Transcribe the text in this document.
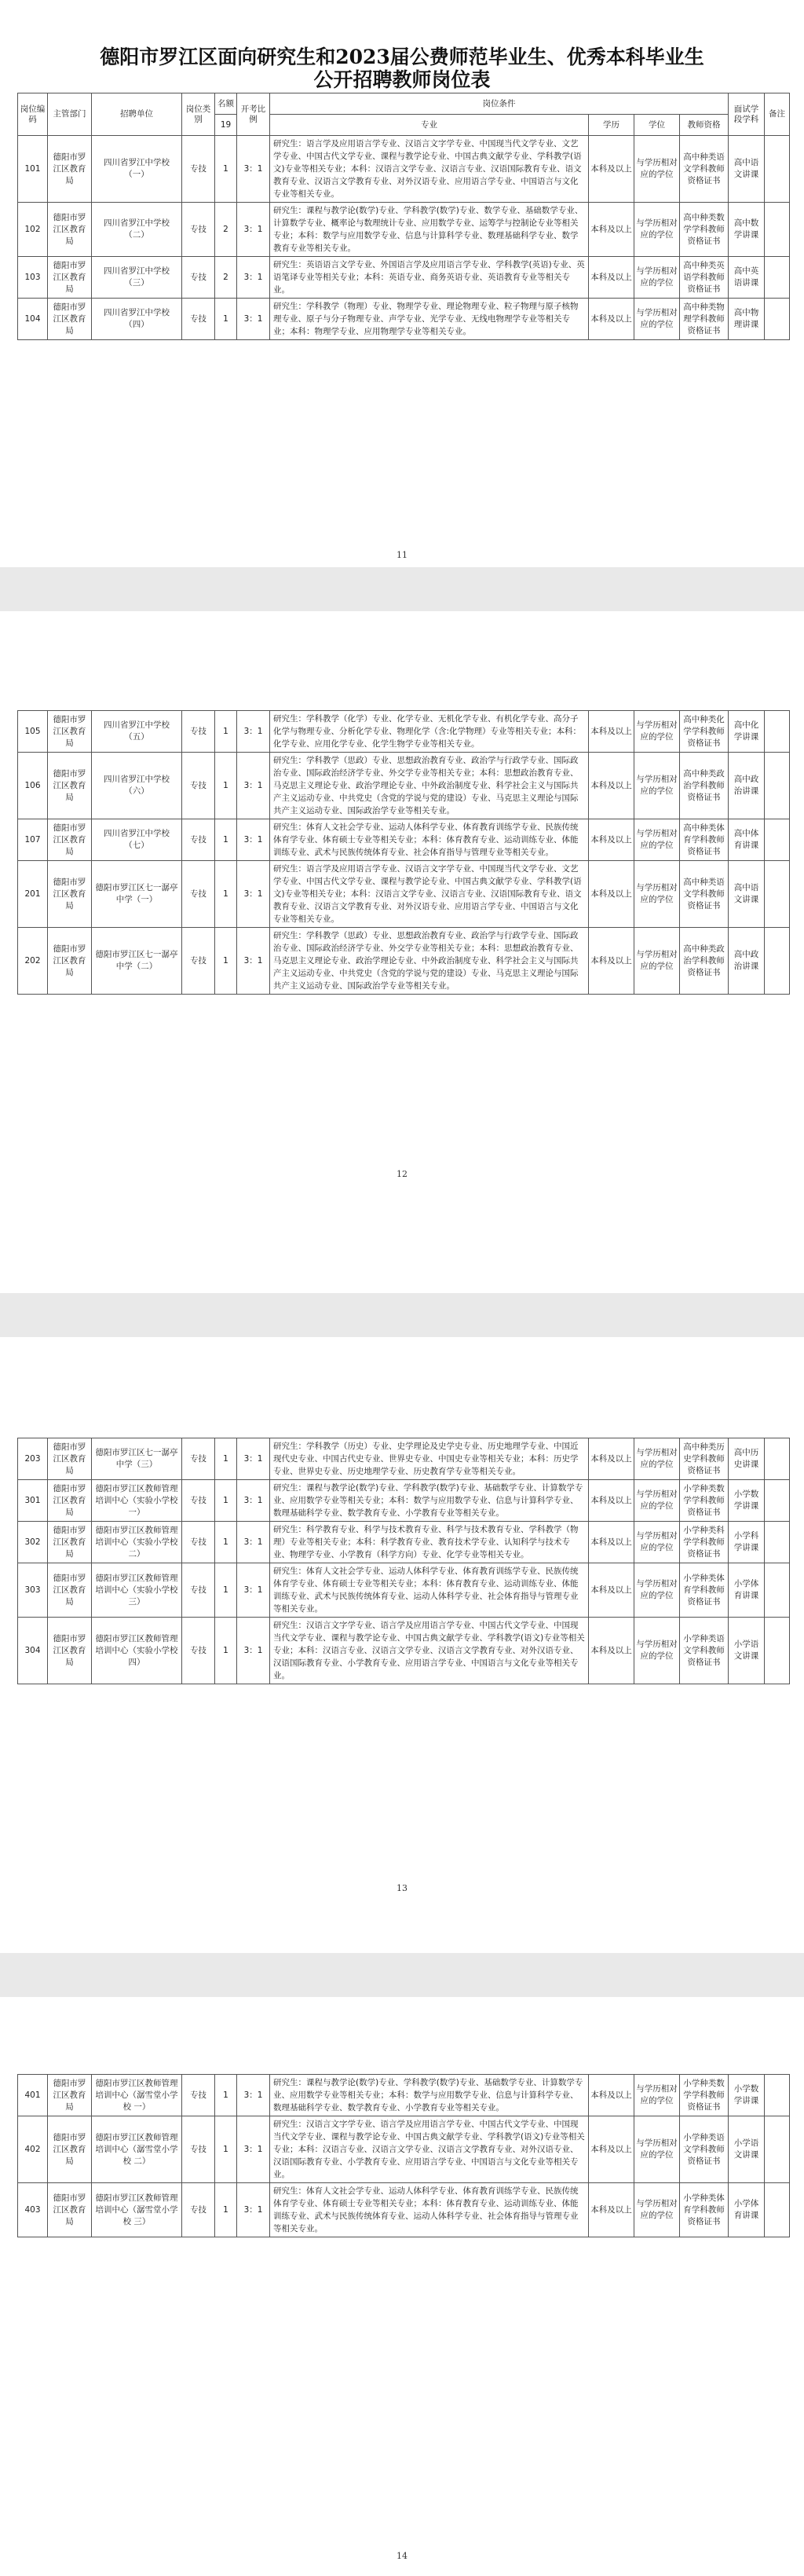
德阳市罗江区面向研究生和2023届公费师范毕业生、优秀本科毕业生
公开招聘教师岗位表
岗位编码	主管部门	招聘单位	岗位类别	名额	开考比例	岗位条件				面试学段学科	备注
				19		专业	学历	学位	教师资格		
101	德阳市罗江区教育局	四川省罗江中学校（一）	专技	1	3：1	研究生：语言学及应用语言学专业、汉语言文字学专业、中国现当代文学专业、文艺学专业、中国古代文学专业、课程与教学论专业、中国古典文献学专业、学科教学(语文)专业等相关专业；本科：汉语言文学专业、汉语言专业、汉语国际教育专业、语文教育专业、汉语言文学教育专业、对外汉语专业、应用语言学专业、中国语言与文化专业等相关专业。	本科及以上	与学历相对应的学位	高中种类语文学科教师资格证书	高中语文讲课	
102	德阳市罗江区教育局	四川省罗江中学校（二）	专技	2	3：1	研究生：课程与教学论(数学)专业、学科教学(数学)专业、数学专业、基础数学专业、计算数学专业、概率论与数理统计专业、应用数学专业、运筹学与控制论专业等相关专业；本科：数学与应用数学专业、信息与计算科学专业、数理基础科学专业、数学教育专业等相关专业。	本科及以上	与学历相对应的学位	高中种类数学学科教师资格证书	高中数学讲课	
103	德阳市罗江区教育局	四川省罗江中学校（三）	专技	2	3：1	研究生：英语语言文学专业、外国语言学及应用语言学专业、学科教学(英语)专业、英语笔译专业等相关专业；本科：英语专业、商务英语专业、英语教育专业等相关专业。	本科及以上	与学历相对应的学位	高中种类英语学科教师资格证书	高中英语讲课	
104	德阳市罗江区教育局	四川省罗江中学校（四）	专技	1	3：1	研究生：学科教学（物理）专业、物理学专业、理论物理专业、粒子物理与原子核物理专业、原子与分子物理专业、声学专业、光学专业、无线电物理学专业等相关专业；本科：物理学专业、应用物理学专业等相关专业。	本科及以上	与学历相对应的学位	高中种类物理学科教师资格证书	高中物理讲课	
11
105	德阳市罗江区教育局	四川省罗江中学校（五）	专技	1	3：1	研究生：学科教学（化学）专业、化学专业、无机化学专业、有机化学专业、高分子化学与物理专业、分析化学专业、物理化学（含:化学物理）专业等相关专业；本科：化学专业、应用化学专业、化学生物学专业等相关专业。	本科及以上	与学历相对应的学位	高中种类化学学科教师资格证书	高中化学讲课	
106	德阳市罗江区教育局	四川省罗江中学校（六）	专技	1	3：1	研究生：学科教学（思政）专业、思想政治教育专业、政治学与行政学专业、国际政治专业、国际政治经济学专业、外交学专业等相关专业；本科：思想政治教育专业、马克思主义理论专业、政治学理论专业、中外政治制度专业、科学社会主义与国际共产主义运动专业、中共党史（含党的学说与党的建设）专业、马克思主义理论与国际共产主义运动专业、国际政治学专业等相关专业。	本科及以上	与学历相对应的学位	高中种类政治学科教师资格证书	高中政治讲课	
107	德阳市罗江区教育局	四川省罗江中学校（七）	专技	1	3：1	研究生：体育人文社会学专业、运动人体科学专业、体育教育训练学专业、民族传统体育学专业、体育硕士专业等相关专业；本科：体育教育专业、运动训练专业、体能训练专业、武术与民族传统体育专业、社会体育指导与管理专业等相关专业。	本科及以上	与学历相对应的学位	高中种类体育学科教师资格证书	高中体育讲课	
201	德阳市罗江区教育局	德阳市罗江区七一潺亭中学（一）	专技	1	3：1	研究生：语言学及应用语言学专业、汉语言文字学专业、中国现当代文学专业、文艺学专业、中国古代文学专业、课程与教学论专业、中国古典文献学专业、学科教学(语文)专业等相关专业；本科：汉语言文学专业、汉语言专业、汉语国际教育专业、语文教育专业、汉语言文学教育专业、对外汉语专业、应用语言学专业、中国语言与文化专业等相关专业。	本科及以上	与学历相对应的学位	高中种类语文学科教师资格证书	高中语文讲课	
202	德阳市罗江区教育局	德阳市罗江区七一潺亭中学（二）	专技	1	3：1	研究生：学科教学（思政）专业、思想政治教育专业、政治学与行政学专业、国际政治专业、国际政治经济学专业、外交学专业等相关专业；本科：思想政治教育专业、马克思主义理论专业、政治学理论专业、中外政治制度专业、科学社会主义与国际共产主义运动专业、中共党史（含党的学说与党的建设）专业、马克思主义理论与国际共产主义运动专业、国际政治学专业等相关专业。	本科及以上	与学历相对应的学位	高中种类政治学科教师资格证书	高中政治讲课	
12
203	德阳市罗江区教育局	德阳市罗江区七一潺亭中学（三）	专技	1	3：1	研究生：学科教学（历史）专业、史学理论及史学史专业、历史地理学专业、中国近现代史专业、中国古代史专业、世界史专业、中国史专业等相关专业；本科：历史学专业、世界史专业、历史地理学专业、历史教育学专业等相关专业。	本科及以上	与学历相对应的学位	高中种类历史学科教师资格证书	高中历史讲课	
301	德阳市罗江区教育局	德阳市罗江区教师管理培训中心（实验小学校 一）	专技	1	3：1	研究生：课程与教学论(数学)专业、学科教学(数学)专业、基础数学专业、计算数学专业、应用数学专业等相关专业；本科：数学与应用数学专业、信息与计算科学专业、数理基础科学专业、数学教育专业、小学教育专业等相关专业。	本科及以上	与学历相对应的学位	小学种类数学学科教师资格证书	小学数学讲课	
302	德阳市罗江区教育局	德阳市罗江区教师管理培训中心（实验小学校 二）	专技	1	3：1	研究生：科学教育专业、科学与技术教育专业、科学与技术教育专业、学科教学（物理）专业等相关专业；本科：科学教育专业、教育技术学专业、认知科学与技术专业、物理学专业、小学教育（科学方向）专业、化学专业等相关专业。	本科及以上	与学历相对应的学位	小学种类科学学科教师资格证书	小学科学讲课	
303	德阳市罗江区教育局	德阳市罗江区教师管理培训中心（实验小学校 三）	专技	1	3：1	研究生：体育人文社会学专业、运动人体科学专业、体育教育训练学专业、民族传统体育学专业、体育硕士专业等相关专业；本科：体育教育专业、运动训练专业、体能训练专业、武术与民族传统体育专业、运动人体科学专业、社会体育指导与管理专业等相关专业。	本科及以上	与学历相对应的学位	小学种类体育学科教师资格证书	小学体育讲课	
304	德阳市罗江区教育局	德阳市罗江区教师管理培训中心（实验小学校 四）	专技	1	3：1	研究生：汉语言文字学专业、语言学及应用语言学专业、中国古代文学专业、中国现当代文学专业、课程与教学论专业、中国古典文献学专业、学科教学(语文)专业等相关专业；本科：汉语言专业、汉语言文学专业、汉语言文学教育专业、对外汉语专业、汉语国际教育专业、小学教育专业、应用语言学专业、中国语言与文化专业等相关专业。	本科及以上	与学历相对应的学位	小学种类语文学科教师资格证书	小学语文讲课	
13
401	德阳市罗江区教育局	德阳市罗江区教师管理培训中心（潺雪堂小学校 一）	专技	1	3：1	研究生：课程与教学论(数学)专业、学科教学(数学)专业、基础数学专业、计算数学专业、应用数学专业等相关专业；本科：数学与应用数学专业、信息与计算科学专业、数理基础科学专业、数学教育专业、小学教育专业等相关专业。	本科及以上	与学历相对应的学位	小学种类数学学科教师资格证书	小学数学讲课	
402	德阳市罗江区教育局	德阳市罗江区教师管理培训中心（潺雪堂小学校 二）	专技	1	3：1	研究生：汉语言文字学专业、语言学及应用语言学专业、中国古代文学专业、中国现当代文学专业、课程与教学论专业、中国古典文献学专业、学科教学(语文)专业等相关专业；本科：汉语言专业、汉语言文学专业、汉语言文学教育专业、对外汉语专业、汉语国际教育专业、小学教育专业、应用语言学专业、中国语言与文化专业等相关专业。	本科及以上	与学历相对应的学位	小学种类语文学科教师资格证书	小学语文讲课	
403	德阳市罗江区教育局	德阳市罗江区教师管理培训中心（潺雪堂小学校 三）	专技	1	3：1	研究生：体育人文社会学专业、运动人体科学专业、体育教育训练学专业、民族传统体育学专业、体育硕士专业等相关专业；本科：体育教育专业、运动训练专业、体能训练专业、武术与民族传统体育专业、运动人体科学专业、社会体育指导与管理专业等相关专业。	本科及以上	与学历相对应的学位	小学种类体育学科教师资格证书	小学体育讲课	
14
